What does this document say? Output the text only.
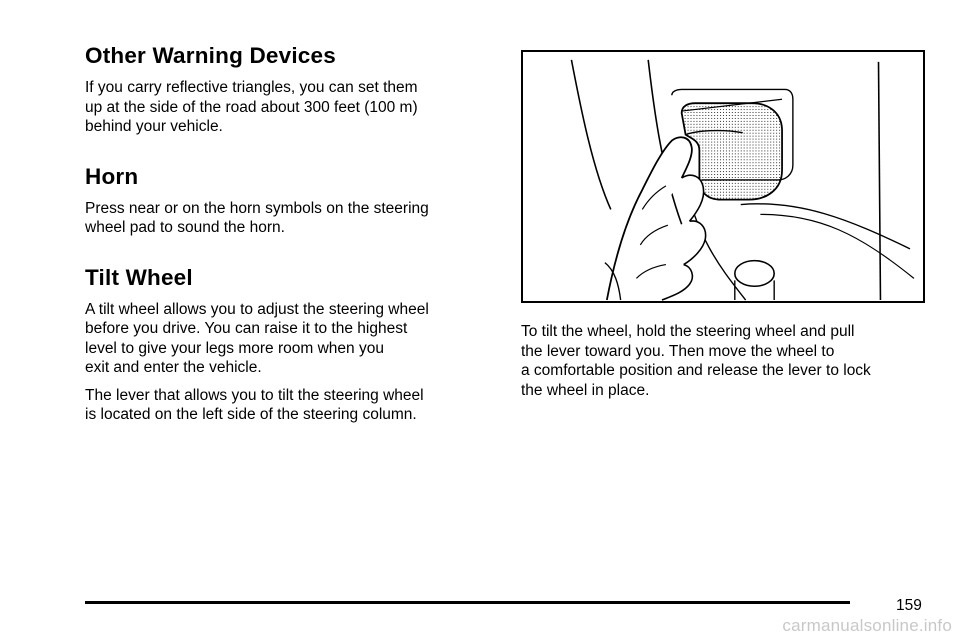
Other Warning Devices

If you carry reflective triangles, you can set them
up at the side of the road about 300 feet (100 m)
behind your vehicle.

Horn

Press near or on the horn symbols on the steering
wheel pad to sound the horn.

Tilt Wheel

A tilt wheel allows you to adjust the steering wheel
before you drive. You can raise it to the highest
level to give your legs more room when you
exit and enter the vehicle.

The lever that allows you to tilt the steering wheel
is located on the left side of the steering column.

To tilt the wheel, hold the steering wheel and pull
the lever toward you. Then move the wheel to
a comfortable position and release the lever to lock
the wheel in place.

159
carmanualsonline.info
